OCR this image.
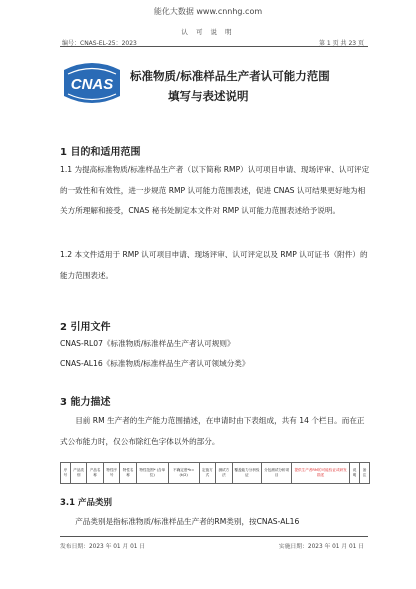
能化大数据 www.cnnhg.com
认 可 说 明
编号：CNAS-EL-25：2023	第 1 页 共 23 页
CNAS 标准物质/标准样品生产者认可能力范围
填写与表述说明
1 目的和适用范围
1.1 为提高标准物质/标准样品生产者（以下简称 RMP）认可项目申请、现场评审、认可评定的一致性和有效性，进一步规范 RMP 认可能力范围表述，促进 CNAS 认可结果更好地为相关方所理解和接受，CNAS 秘书处制定本文件对 RMP 认可能力范围表述给予说明。
1.2 本文件适用于 RMP 认可项目申请、现场评审、认可评定以及 RMP 认可证书（附件）的能力范围表述。
2 引用文件
CNAS-RL07《标准物质/标准样品生产者认可规则》
CNAS-AL16《标准物质/标准样品生产者认可领域分类》
3 能力描述
目前 RM 生产者的生产能力范围描述，在申请时由下表组成，共有 14 个栏目。而在正式公布能力时，仅公布除红色字体以外的部分。
序号	产品类别	产品名称	特性序号	特性名称	特性范围* (含单位)	不确定度*k=(k/2)	定值方式	测试方法	覆盖能力分析验证	分包测试分析项目	提供生产者RM的可能验证或研发描述	说明	备注
3.1 产品类别
产品类别是指标准物质/标准样品生产者的RM类别，按CNAS-AL16
发布日期：2023 年 01 月 01 日	实施日期：2023 年 01 月 01 日
